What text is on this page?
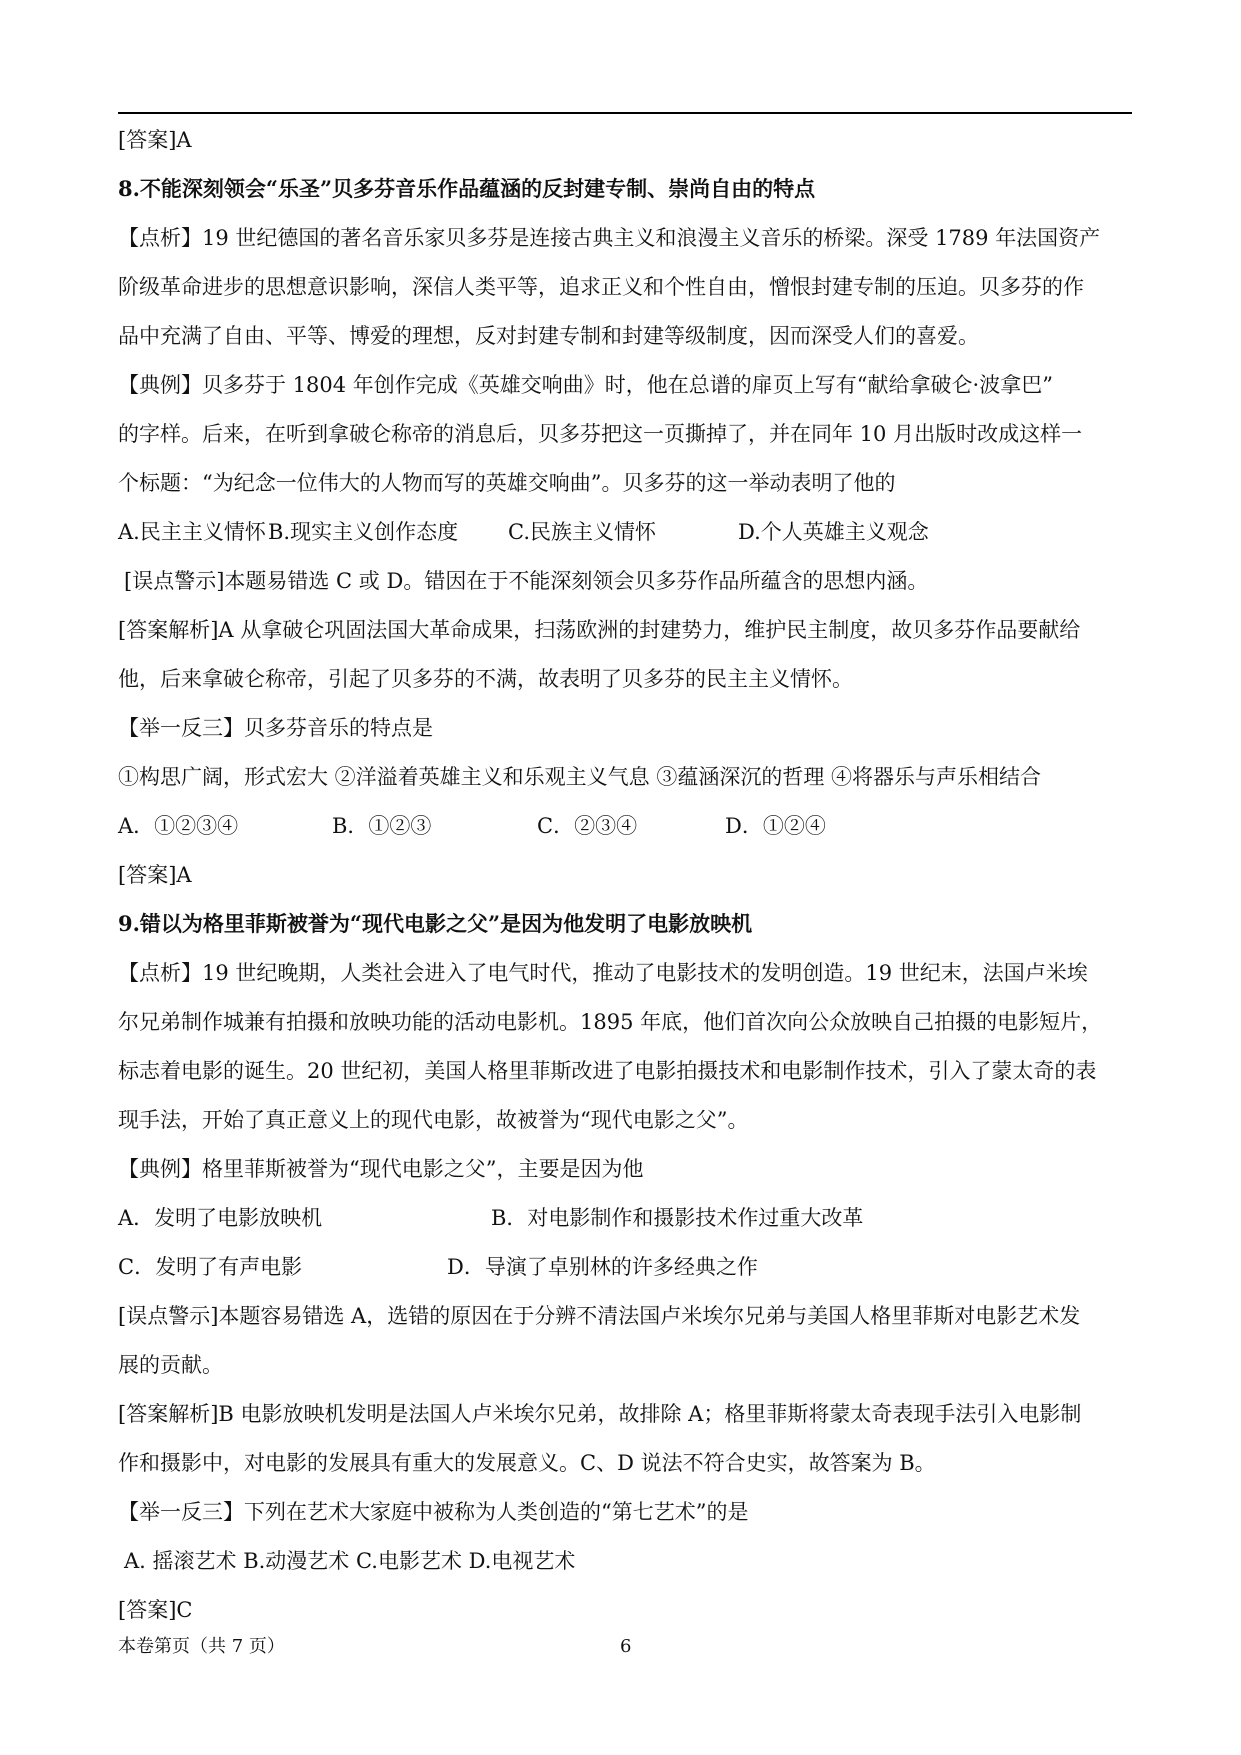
[答案]A
8.不能深刻领会“乐圣”贝多芬音乐作品蕴涵的反封建专制、崇尚自由的特点
【点析】19 世纪德国的著名音乐家贝多芬是连接古典主义和浪漫主义音乐的桥梁。深受 1789 年法国资产
阶级革命进步的思想意识影响，深信人类平等，追求正义和个性自由，憎恨封建专制的压迫。贝多芬的作
品中充满了自由、平等、博爱的理想，反对封建专制和封建等级制度，因而深受人们的喜爱。
【典例】贝多芬于 1804 年创作完成《英雄交响曲》时，他在总谱的扉页上写有“献给拿破仑·波拿巴”
的字样。后来，在听到拿破仑称帝的消息后，贝多芬把这一页撕掉了，并在同年 10 月出版时改成这样一
个标题：“为纪念一位伟大的人物而写的英雄交响曲”。贝多芬的这一举动表明了他的
A.民主主义情怀 B.现实主义创作态度	C.民族主义情怀	D.个人英雄主义观念
[误点警示]本题易错选 C 或 D。错因在于不能深刻领会贝多芬作品所蕴含的思想内涵。
[答案解析]A 从拿破仑巩固法国大革命成果，扫荡欧洲的封建势力，维护民主制度，故贝多芬作品要献给
他，后来拿破仑称帝，引起了贝多芬的不满，故表明了贝多芬的民主主义情怀。
【举一反三】贝多芬音乐的特点是
①构思广阔，形式宏大 ②洋溢着英雄主义和乐观主义气息 ③蕴涵深沉的哲理 ④将器乐与声乐相结合
A．①②③④	B．①②③	C．②③④	D．①②④
[答案]A
9.错以为格里菲斯被誉为“现代电影之父”是因为他发明了电影放映机
【点析】19 世纪晚期，人类社会进入了电气时代，推动了电影技术的发明创造。19 世纪末，法国卢米埃
尔兄弟制作城兼有拍摄和放映功能的活动电影机。1895 年底，他们首次向公众放映自己拍摄的电影短片，
标志着电影的诞生。20 世纪初，美国人格里菲斯改进了电影拍摄技术和电影制作技术，引入了蒙太奇的表
现手法，开始了真正意义上的现代电影，故被誉为“现代电影之父”。
【典例】格里菲斯被誉为“现代电影之父”，主要是因为他
A．发明了电影放映机	B．对电影制作和摄影技术作过重大改革
C．发明了有声电影	D．导演了卓别林的许多经典之作
[误点警示]本题容易错选 A，选错的原因在于分辨不清法国卢米埃尔兄弟与美国人格里菲斯对电影艺术发
展的贡献。
[答案解析]B 电影放映机发明是法国人卢米埃尔兄弟，故排除 A；格里菲斯将蒙太奇表现手法引入电影制
作和摄影中，对电影的发展具有重大的发展意义。C、D 说法不符合史实，故答案为 B。
【举一反三】下列在艺术大家庭中被称为人类创造的“第七艺术”的是
A. 摇滚艺术 B.动漫艺术 C.电影艺术 D.电视艺术
[答案]C
本卷第页（共 7 页）	6
